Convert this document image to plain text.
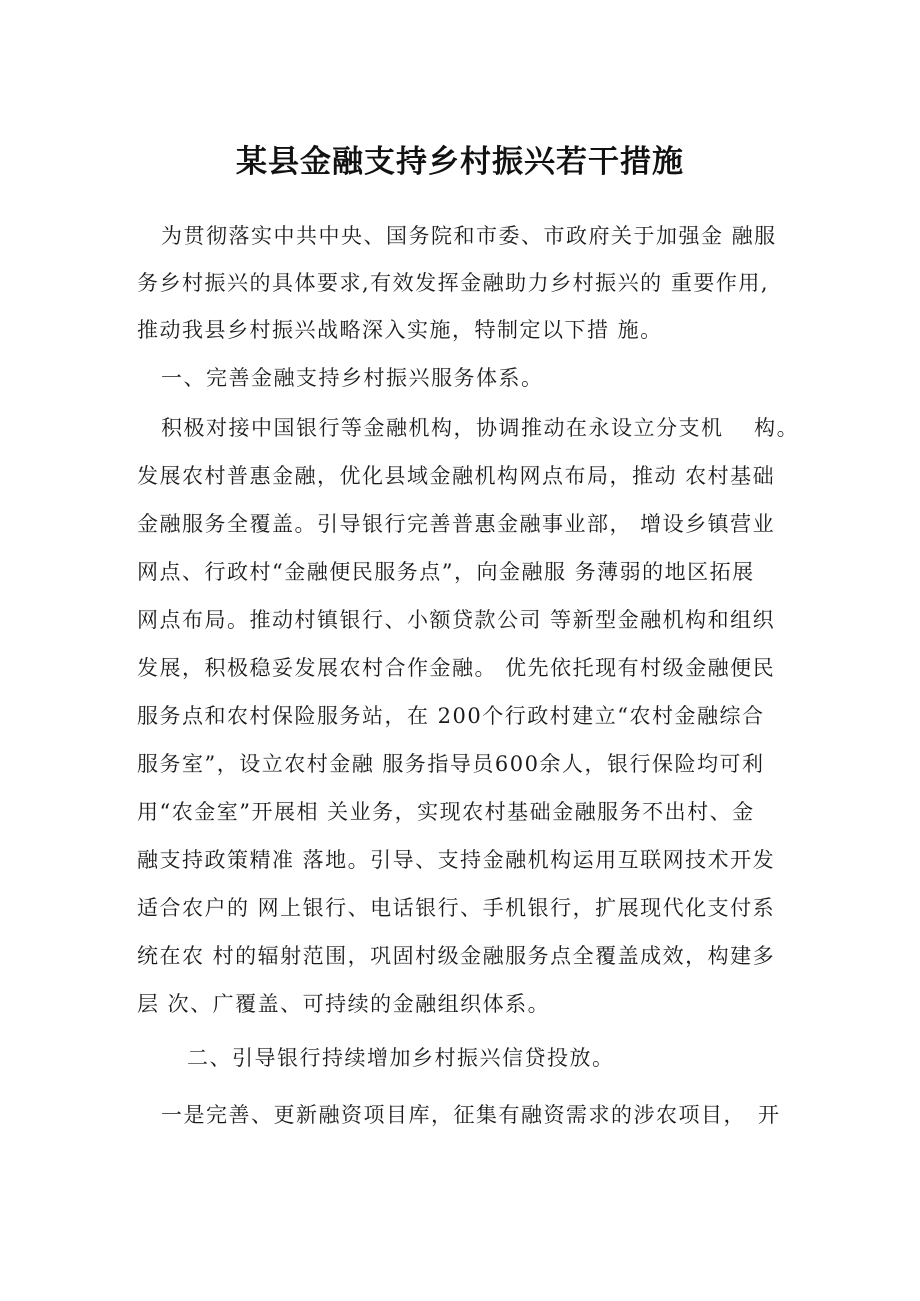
某县金融支持乡村振兴若干措施
为贯彻落实中共中央、国务院和市委、市政府关于加强金 融服
务乡村振兴的具体要求,有效发挥金融助力乡村振兴的 重要作用,
推动我县乡村振兴战略深入实施，特制定以下措 施。
一、完善金融支持乡村振兴服务体系。
积极对接中国银行等金融机构，协调推动在永设立分支机　 构。
发展农村普惠金融，优化县域金融机构网点布局，推动 农村基础
金融服务全覆盖。引导银行完善普惠金融事业部， 增设乡镇营业
网点、行政村“金融便民服务点”，向金融服 务薄弱的地区拓展
网点布局。推动村镇银行、小额贷款公司 等新型金融机构和组织
发展，积极稳妥发展农村合作金融。 优先依托现有村级金融便民
服务点和农村保险服务站，在 200个行政村建立“农村金融综合
服务室”，设立农村金融 服务指导员600余人，银行保险均可利
用“农金室”开展相 关业务，实现农村基础金融服务不出村、金
融支持政策精准 落地。引导、支持金融机构运用互联网技术开发
适合农户的 网上银行、电话银行、手机银行，扩展现代化支付系
统在农 村的辐射范围，巩固村级金融服务点全覆盖成效，构建多
层 次、广覆盖、可持续的金融组织体系。
二、引导银行持续增加乡村振兴信贷投放。
一是完善、更新融资项目库，征集有融资需求的涉农项目，　开
